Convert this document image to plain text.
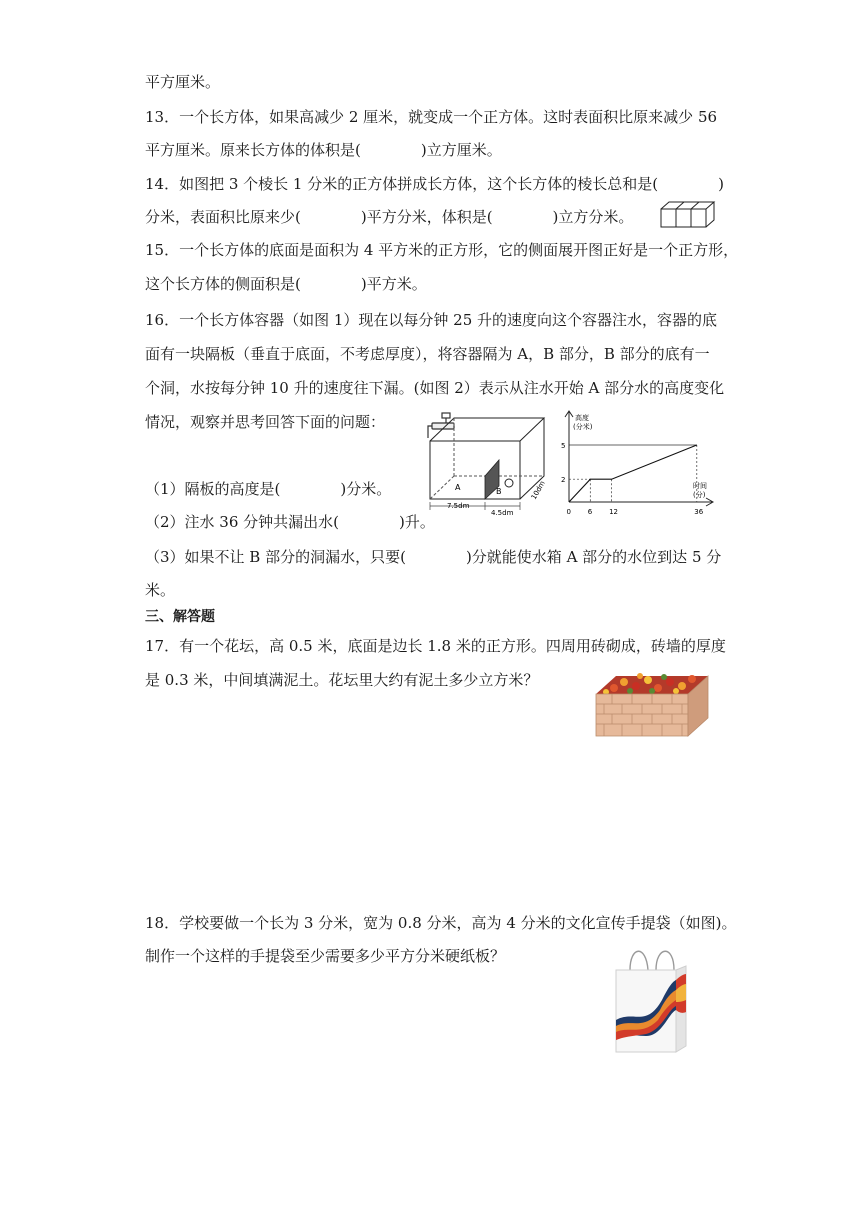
平方厘米。
13．一个长方体，如果高减少 2 厘米，就变成一个正方体。这时表面积比原来减少 56
平方厘米。原来长方体的体积是(　　　　)立方厘米。
14．如图把 3 个棱长 1 分米的正方体拼成长方体，这个长方体的棱长总和是(　　　　)
分米，表面积比原来少(　　　　)平方分米，体积是(　　　　)立方分米。
15．一个长方体的底面是面积为 4 平方米的正方形，它的侧面展开图正好是一个正方形，
这个长方体的侧面积是(　　　　)平方米。
16．一个长方体容器（如图 1）现在以每分钟 25 升的速度向这个容器注水，容器的底
面有一块隔板（垂直于底面，不考虑厚度），将容器隔为 A，B 部分，B 部分的底有一
个洞，水按每分钟 10 升的速度往下漏。(如图 2）表示从注水开始 A 部分水的高度变化
情况，观察并思考回答下面的问题：
（1）隔板的高度是(　　　　)分米。
（2）注水 36 分钟共漏出水(　　　　)升。
（3）如果不让 B 部分的洞漏水，只要(　　　　)分就能使水箱 A 部分的水位到达 5 分
米。
A	B
7.5dm
4.5dm
10dm
高度
(分米)
时间
(分)
5
2
0 6 12	36
三、解答题
17．有一个花坛，高 0.5 米，底面是边长 1.8 米的正方形。四周用砖砌成，砖墙的厚度
是 0.3 米，中间填满泥土。花坛里大约有泥土多少立方米？
18．学校要做一个长为 3 分米，宽为 0.8 分米，高为 4 分米的文化宣传手提袋（如图)。
制作一个这样的手提袋至少需要多少平方分米硬纸板？
